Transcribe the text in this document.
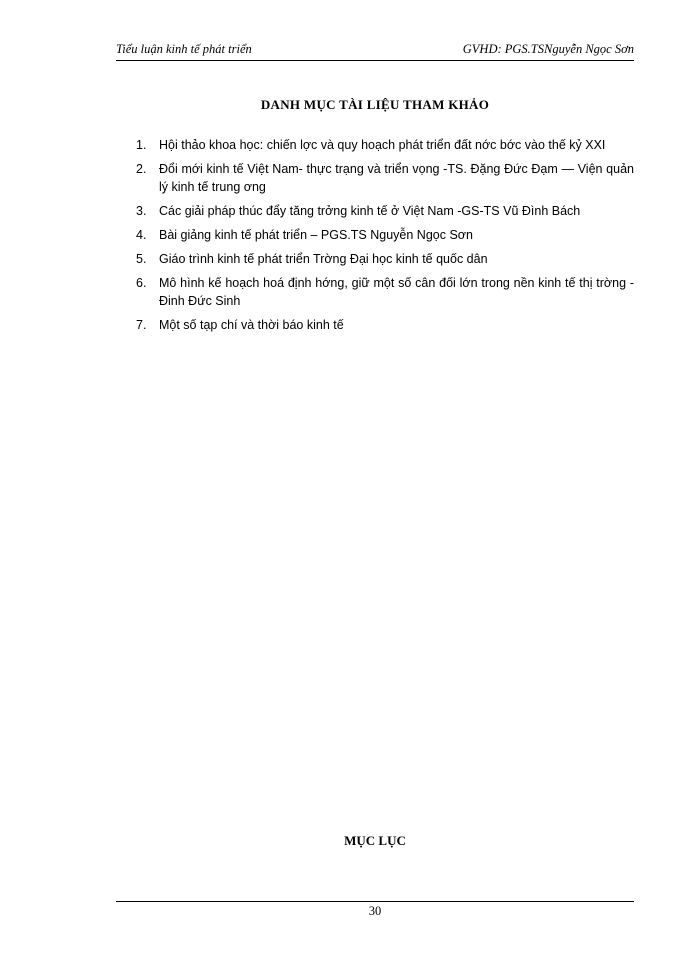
Tiểu luận kinh tế phát triển	GVHD: PGS.TSNguyễn Ngọc Sơn
DANH MỤC TÀI LIỆU THAM KHẢO
1. Hội thảo khoa học: chiến lợc và quy hoạch phát triển đất nớc bớc vào thế kỷ XXI
2. Đổi mới kinh tế Việt Nam- thực trạng và triển vọng -TS. Đặng Đức Đạm — Viện quản lý kinh tế trung ơng
3. Các giải pháp thúc đẩy tăng trởng kinh tế ở Việt Nam -GS-TS Vũ Đình Bách
4. Bài giảng kinh tế phát triển – PGS.TS Nguyễn Ngọc Sơn
5. Giáo trình kinh tế phát triển Trờng Đại học kinh tế quốc dân
6. Mô hình kế hoạch hoá định hớng, giữ một số cân đối lớn trong nền kinh tế thị trờng - Đinh Đức Sinh
7. Một số tạp chí và thời báo kinh tế
MỤC LỤC
30
